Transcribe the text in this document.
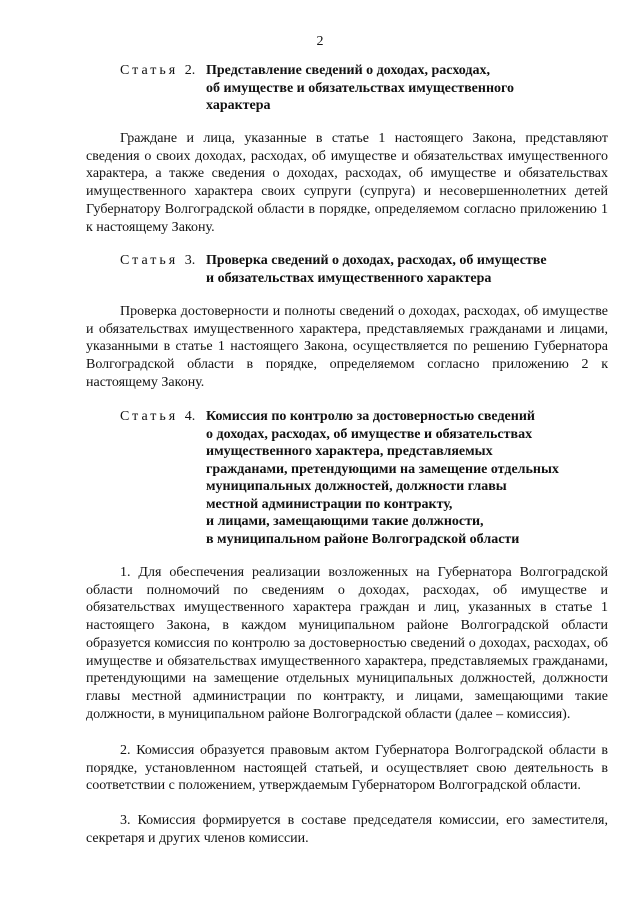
2
Статья 2. Представление сведений о доходах, расходах,
об имуществе и обязательствах имущественного
характера
Граждане и лица, указанные в статье 1 настоящего Закона, представляют сведения о своих доходах, расходах, об имуществе и обязательствах имущественного характера, а также сведения о доходах, расходах, об имуществе и обязательствах имущественного характера своих супруги (супруга) и несовершеннолетних детей Губернатору Волгоградской области в порядке, определяемом согласно приложению 1 к настоящему Закону.
Статья 3. Проверка сведений о доходах, расходах, об имуществе
и обязательствах имущественного характера
Проверка достоверности и полноты сведений о доходах, расходах, об имуществе и обязательствах имущественного характера, представляемых гражданами и лицами, указанными в статье 1 настоящего Закона, осуществляется по решению Губернатора Волгоградской области в порядке, определяемом согласно приложению 2 к настоящему Закону.
Статья 4. Комиссия по контролю за достоверностью сведений
о доходах, расходах, об имуществе и обязательствах
имущественного характера, представляемых
гражданами, претендующими на замещение отдельных
муниципальных должностей, должности главы
местной администрации по контракту,
и лицами, замещающими такие должности,
в муниципальном районе Волгоградской области
1. Для обеспечения реализации возложенных на Губернатора Волгоградской области полномочий по сведениям о доходах, расходах, об имуществе и обязательствах имущественного характера граждан и лиц, указанных в статье 1 настоящего Закона, в каждом муниципальном районе Волгоградской области образуется комиссия по контролю за достоверностью сведений о доходах, расходах, об имуществе и обязательствах имущественного характера, представляемых гражданами, претендующими на замещение отдельных муниципальных должностей, должности главы местной администрации по контракту, и лицами, замещающими такие должности, в муниципальном районе Волгоградской области (далее – комиссия).
2. Комиссия образуется правовым актом Губернатора Волгоградской области в порядке, установленном настоящей статьей, и осуществляет свою деятельность в соответствии с положением, утверждаемым Губернатором Волгоградской области.
3. Комиссия формируется в составе председателя комиссии, его заместителя, секретаря и других членов комиссии.
